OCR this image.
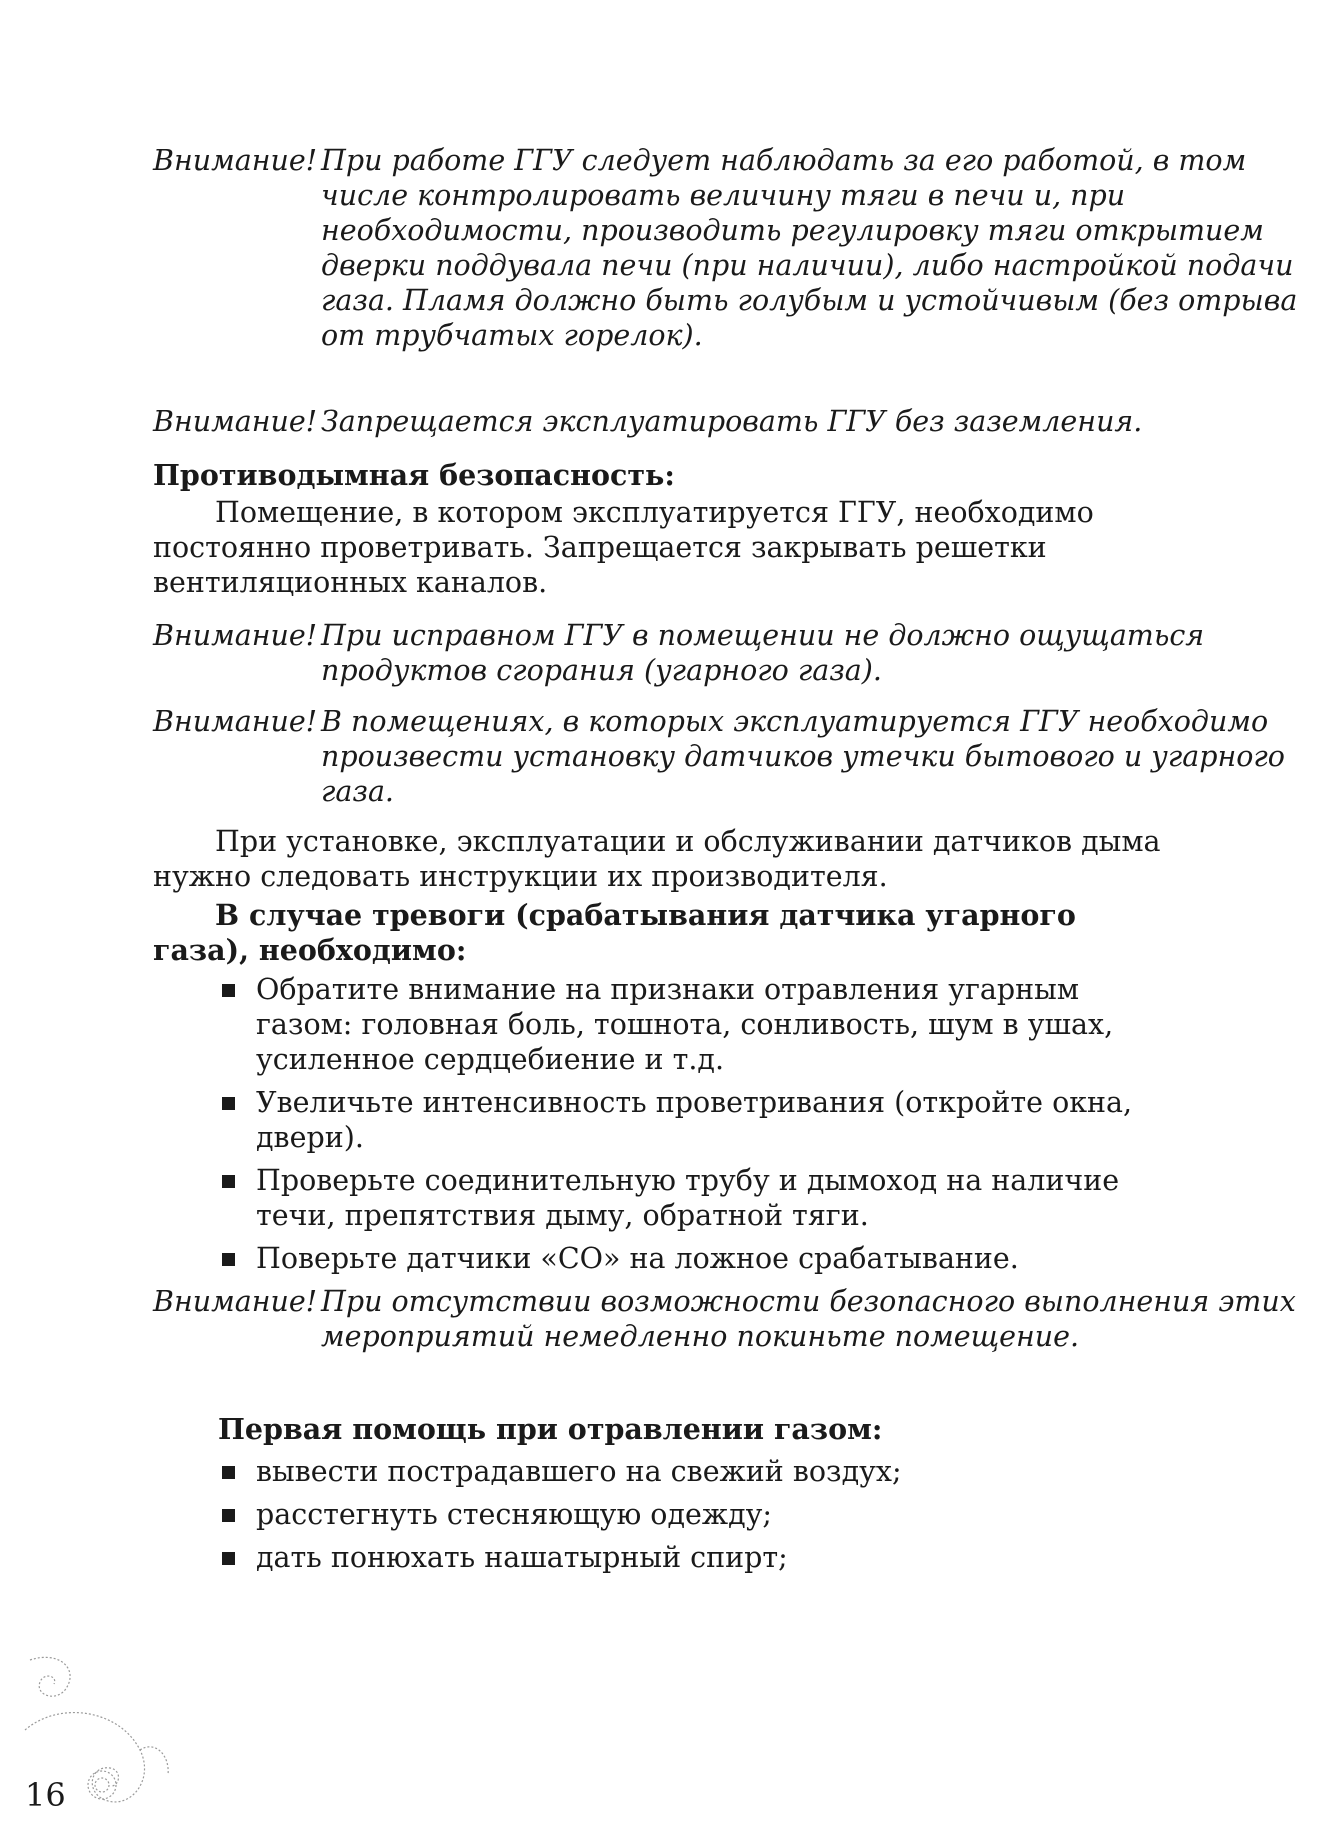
Внимание! При работе ГГУ следует наблюдать за его работой, в том числе контролировать величину тяги в печи и, при необходимости, производить регулировку тяги открытием дверки поддувала печи (при наличии), либо настройкой подачи газа. Пламя должно быть голубым и устойчивым (без отрыва от трубчатых горелок).
Внимание! Запрещается эксплуатировать ГГУ без заземления.
Противодымная безопасность:
Помещение, в котором эксплуатируется ГГУ, необходимо постоянно проветривать. Запрещается закрывать решетки вентиляционных каналов.
Внимание! При исправном ГГУ в помещении не должно ощущаться продуктов сгорания (угарного газа).
Внимание! В помещениях, в которых эксплуатируется ГГУ необходимо произвести установку датчиков утечки бытового и угарного газа.
При установке, эксплуатации и обслуживании датчиков дыма нужно следовать инструкции их производителя.
В случае тревоги (срабатывания датчика угарного газа), необходимо:
Обратите внимание на признаки отравления угарным газом: головная боль, тошнота, сонливость, шум в ушах, усиленное сердцебиение и т.д.
Увеличьте интенсивность проветривания (откройте окна, двери).
Проверьте соединительную трубу и дымоход на наличие течи, препятствия дыму, обратной тяги.
Поверьте датчики «СО» на ложное срабатывание.
Внимание! При отсутствии возможности безопасного выполнения этих мероприятий немедленно покиньте помещение.
Первая помощь при отравлении газом:
вывести пострадавшего на свежий воздух;
расстегнуть стесняющую одежду;
дать понюхать нашатырный спирт;
16
